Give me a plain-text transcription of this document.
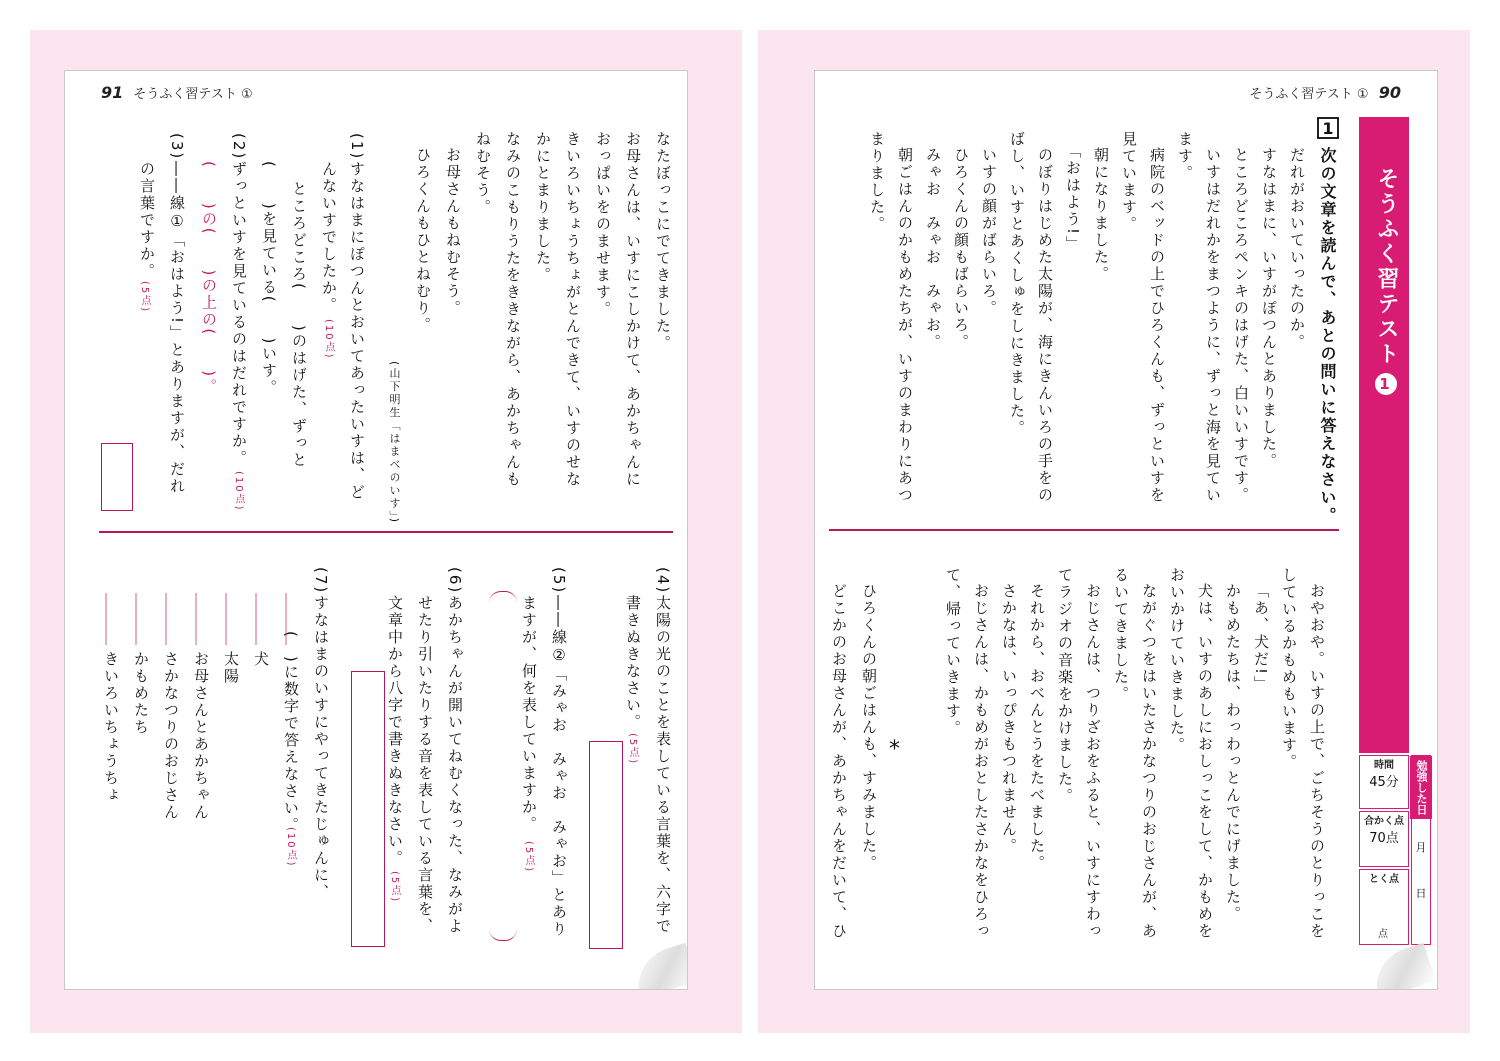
91 そうふく習テスト ①
なたぼっこにでてきました。
お母さんは、いすにこしかけて、あかちゃんに
おっぱいをのませます。
きいろいちょうちょがとんできて、いすのせな
かにとまりました。
なみのこもりうたをききながら、あかちゃんも
ねむそう。
お母さんもねむそう。
ひろくんもひとねむり。
(山下明生「はまべのいす」)
(1)
すなはまにぽつんとおいてあったいすは、ど
んないすでしたか。
(10点)
ところどころ(　　)のはげた、ずっと
(　　)を見ている(　　)いす。
(2)
ずっといすを見ているのはだれですか。
(10点)
(　　)の(　　)の上の(　　)。
(3)
――線①「おはよう!」とありますが、だれ
の言葉ですか。
(5点)
(4)
太陽の光のことを表している言葉を、六字で
書きぬきなさい。
(5点)
(5)
――線②「みゃお　みゃお　みゃお」とあり
ますが、何を表していますか。
(5点)
(6)
あかちゃんが開いてねむくなった、なみがよ
せたり引いたりする音を表している言葉を、
文章中から八字で書きぬきなさい。
(5点)
(7)
すなはまのいすにやってきたじゅんに、
(　)に数字で答えなさい。
(10点)
犬
太陽
お母さんとあかちゃん
さかなつりのおじさん
かもめたち
きいろいちょうちょ
そうふく習テスト ① 90
そうふく習テスト1
1
次の文章を読んで、あとの問いに答えなさい。
だれがおいていったのか。
すなはまに、いすがぽつんとありました。
ところどころペンキのはげた、白いいすです。
いすはだれかをまつように、ずっと海を見てい
ます。
病院のベッドの上でひろくんも、ずっといすを
見ています。
朝になりました。
「おはよう!」
のぼりはじめた太陽が、海にきんいろの手をの
ばし、いすとあくしゅをしにきました。
いすの顔がばらいろ。
ひろくんの顔もばらいろ。
みゃお　みゃお　みゃお。
朝ごはんのかもめたちが、いすのまわりにあつ
まりました。
おやおや。いすの上で、ごちそうのとりっこを
しているかもめもいます。
「あ、犬だ!」
かもめたちは、わっわっとんでにげました。
犬は、いすのあしにおしっこをして、かもめを
おいかけていきました。
ながぐつをはいたさかなつりのおじさんが、あ
るいてきました。
おじさんは、つりざおをふると、いすにすわっ
てラジオの音楽をかけました。
それから、おべんとうをたべました。
さかなは、いっぴきもつれません。
おじさんは、かもめがおとしたさかなをひろっ
て、帰っていきます。
*
ひろくんの朝ごはんも、すみました。
どこかのお母さんが、あかちゃんをだいて、ひ	時間
45分
合かく点
70点
とく点
点
勉強した日
月
日
